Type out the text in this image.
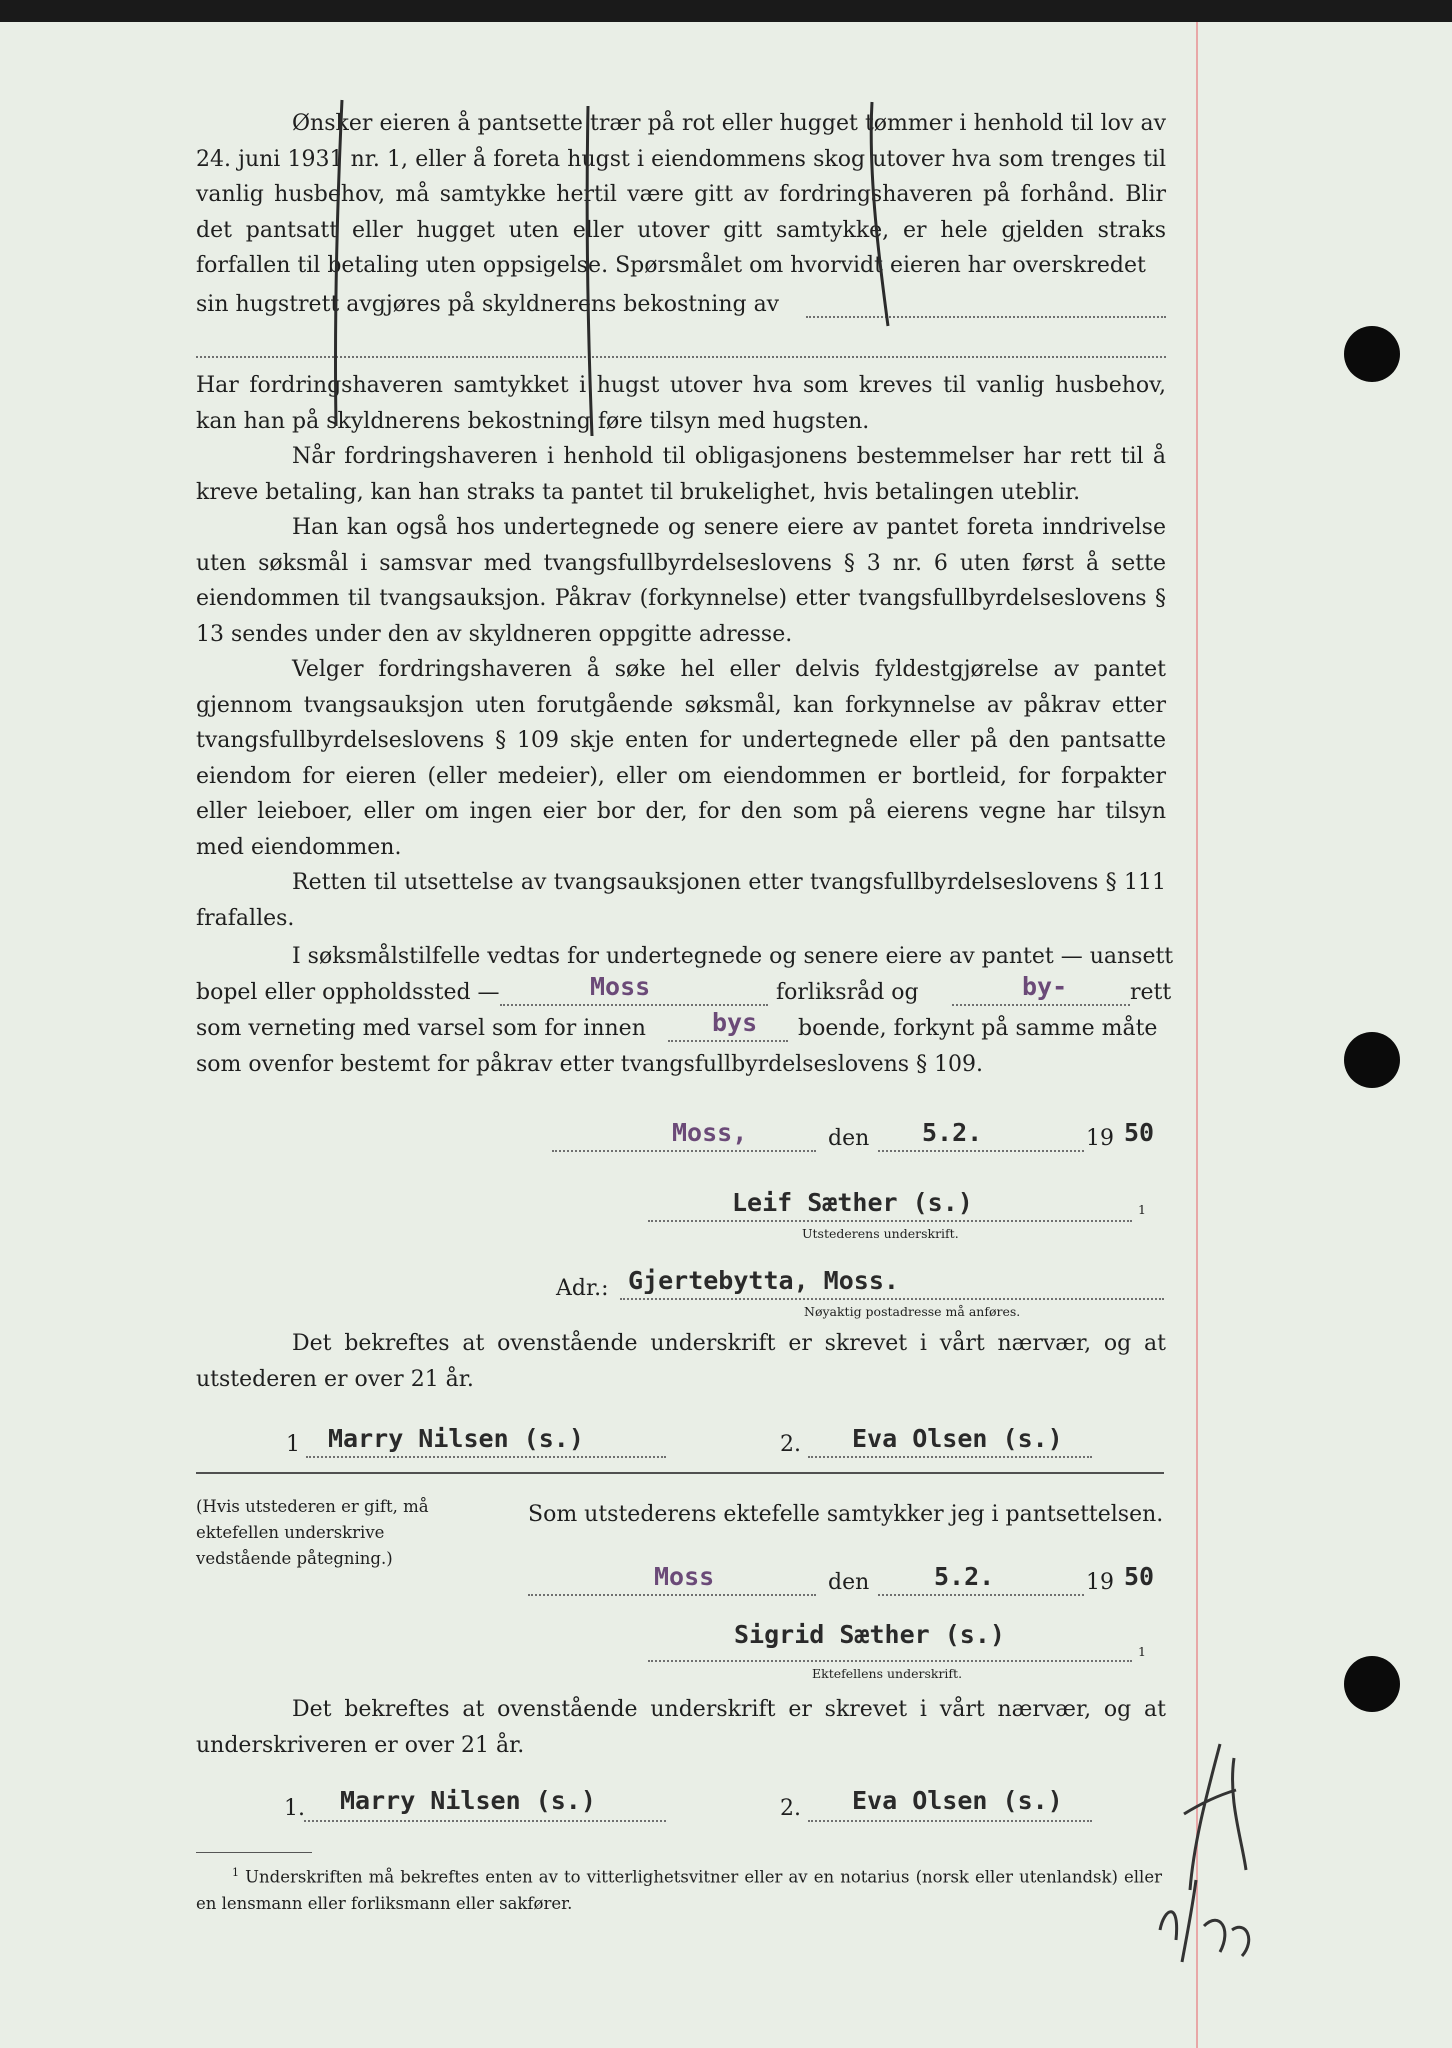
Ønsker eieren å pantsette trær på rot eller hugget tømmer i henhold til lov av 24. juni 1931 nr. 1, eller å foreta hugst i eiendommens skog utover hva som trenges til vanlig husbehov, må samtykke hertil være gitt av fordringshaveren på forhånd. Blir det pantsatt eller hugget uten eller utover gitt samtykke, er hele gjelden straks forfallen til betaling uten oppsigelse. Spørsmålet om hvorvidt eieren har overskredet
sin hugstrett avgjøres på skyldnerens bekostning av
Har fordringshaveren samtykket i hugst utover hva som kreves til vanlig husbehov, kan han på skyldnerens bekostning føre tilsyn med hugsten.
Når fordringshaveren i henhold til obligasjonens bestemmelser har rett til å kreve betaling, kan han straks ta pantet til brukelighet, hvis betalingen uteblir.
Han kan også hos undertegnede og senere eiere av pantet foreta inndrivelse uten søksmål i samsvar med tvangsfullbyrdelseslovens § 3 nr. 6 uten først å sette eiendommen til tvangsauksjon. Påkrav (forkynnelse) etter tvangsfullbyrdelseslovens § 13 sendes under den av skyldneren oppgitte adresse.
Velger fordringshaveren å søke hel eller delvis fyldestgjørelse av pantet gjennom tvangsauksjon uten forutgående søksmål, kan forkynnelse av påkrav etter tvangsfullbyrdelseslovens § 109 skje enten for undertegnede eller på den pantsatte eiendom for eieren (eller medeier), eller om eiendommen er bortleid, for forpakter eller leieboer, eller om ingen eier bor der, for den som på eierens vegne har tilsyn med eiendommen.
Retten til utsettelse av tvangsauksjonen etter tvangsfullbyrdelseslovens § 111 frafalles.
I søksmålstilfelle vedtas for undertegnede og senere eiere av pantet — uansett
bopel eller oppholdssted —	Moss	forliksråd og	by-	rett
som verneting med varsel som for innen	bys boende, forkynt på samme måte
som ovenfor bestemt for påkrav etter tvangsfullbyrdelseslovens § 109.
Moss,	den 5.2.	19 50
Leif Sæther (s.)	1
Utstederens underskrift.
Adr.: Gjertebytta, Moss.
Nøyaktig postadresse må anføres.
Det bekreftes at ovenstående underskrift er skrevet i vårt nærvær, og at utstederen er over 21 år.
1 Marry Nilsen (s.)	2. Eva Olsen (s.)
(Hvis utstederen er gift, må ektefellen underskrive vedstående påtegning.)
Som utstederens ektefelle samtykker jeg i pantsettelsen.
Moss	den	5.2.	19 50
Sigrid Sæther (s.)
1
Ektefellens underskrift.
Det bekreftes at ovenstående underskrift er skrevet i vårt nærvær, og at underskriveren er over 21 år.
1. Marry Nilsen (s.)	2. Eva Olsen (s.)
$^1$ Underskriften må bekreftes enten av to vitterlighetsvitner eller av en notarius (norsk eller utenlandsk) eller en lensmann eller forliksmann eller sakfører.
